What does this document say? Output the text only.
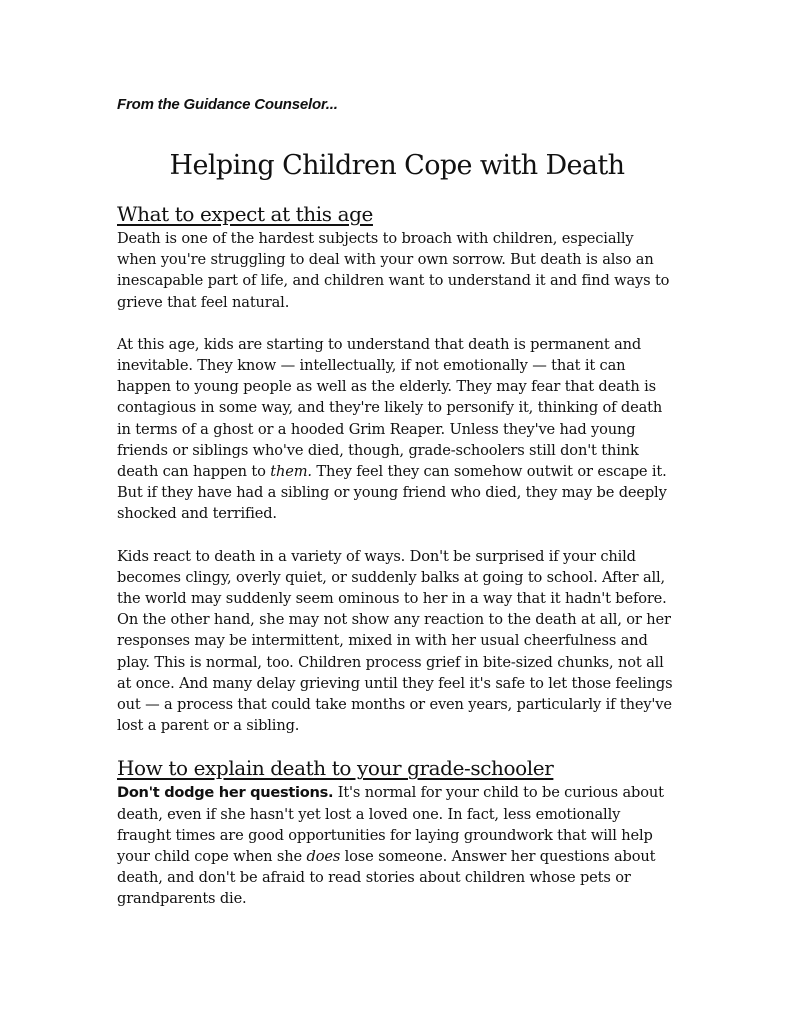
From the Guidance Counselor...

Helping Children Cope with Death
What to expect at this age

Death is one of the hardest subjects to broach with children, especially when you're struggling to deal with your own sorrow. But death is also an inescapable part of life, and children want to understand it and find ways to grieve that feel natural.

At this age, kids are starting to understand that death is permanent and inevitable. They know — intellectually, if not emotionally — that it can happen to young people as well as the elderly. They may fear that death is contagious in some way, and they're likely to personify it, thinking of death in terms of a ghost or a hooded Grim Reaper. Unless they've had young friends or siblings who've died, though, grade-schoolers still don't think death can happen to them. They feel they can somehow outwit or escape it. But if they have had a sibling or young friend who died, they may be deeply shocked and terrified.

Kids react to death in a variety of ways. Don't be surprised if your child becomes clingy, overly quiet, or suddenly balks at going to school. After all, the world may suddenly seem ominous to her in a way that it hadn't before. On the other hand, she may not show any reaction to the death at all, or her responses may be intermittent, mixed in with her usual cheerfulness and play. This is normal, too. Children process grief in bite-sized chunks, not all at once. And many delay grieving until they feel it's safe to let those feelings out — a process that could take months or even years, particularly if they've lost a parent or a sibling.

How to explain death to your grade-schooler

Don't dodge her questions. It's normal for your child to be curious about death, even if she hasn't yet lost a loved one. In fact, less emotionally fraught times are good opportunities for laying groundwork that will help your child cope when she does lose someone. Answer her questions about death, and don't be afraid to read stories about children whose pets or grandparents die.
